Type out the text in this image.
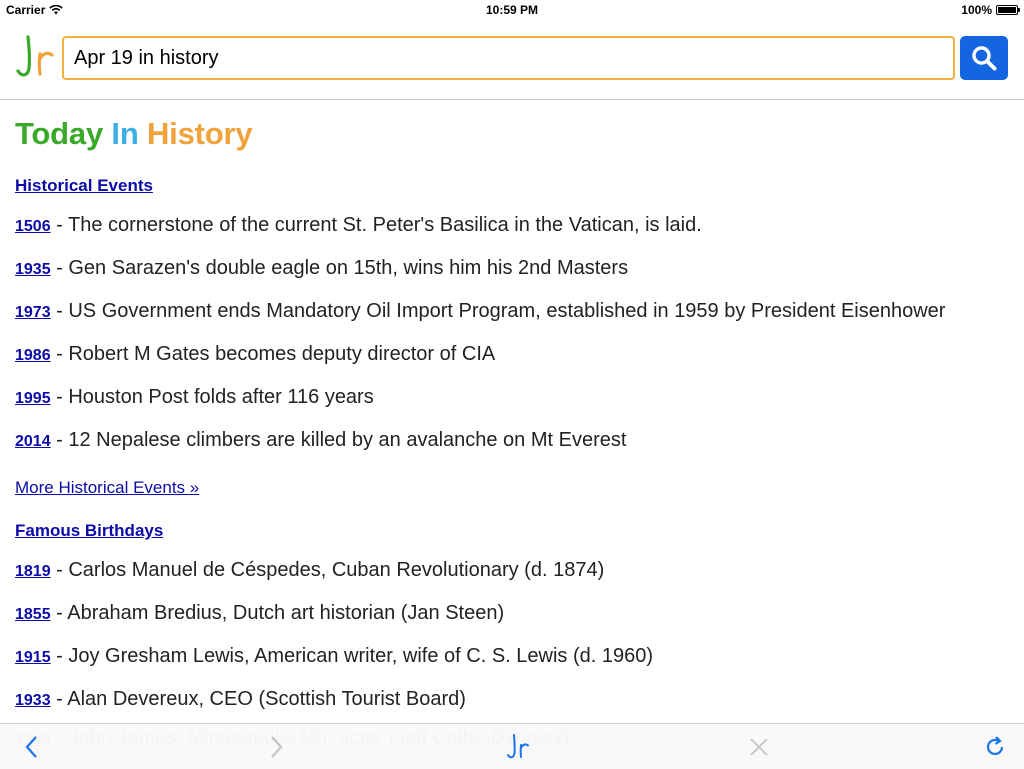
Carrier	10:59 PM	100%
Apr 19 in history
Today In History
Historical Events

1506 - The cornerstone of the current St. Peter's Basilica in the Vatican, is laid.

1935 - Gen Sarazen's double eagle on 15th, wins him his 2nd Masters

1973 - US Government ends Mandatory Oil Import Program, established in 1959 by President Eisenhower

1986 - Robert M Gates becomes deputy director of CIA

1995 - Houston Post folds after 116 years

2014 - 12 Nepalese climbers are killed by an avalanche on Mt Everest

More Historical Events »
Famous Birthdays

1819 - Carlos Manuel de Céspedes, Cuban Revolutionary (d. 1874)

1855 - Abraham Bredius, Dutch art historian (Jan Steen)

1915 - Joy Gresham Lewis, American writer, wife of C. S. Lewis (d. 1960)

1933 - Alan Devereux, CEO (Scottish Tourist Board)
